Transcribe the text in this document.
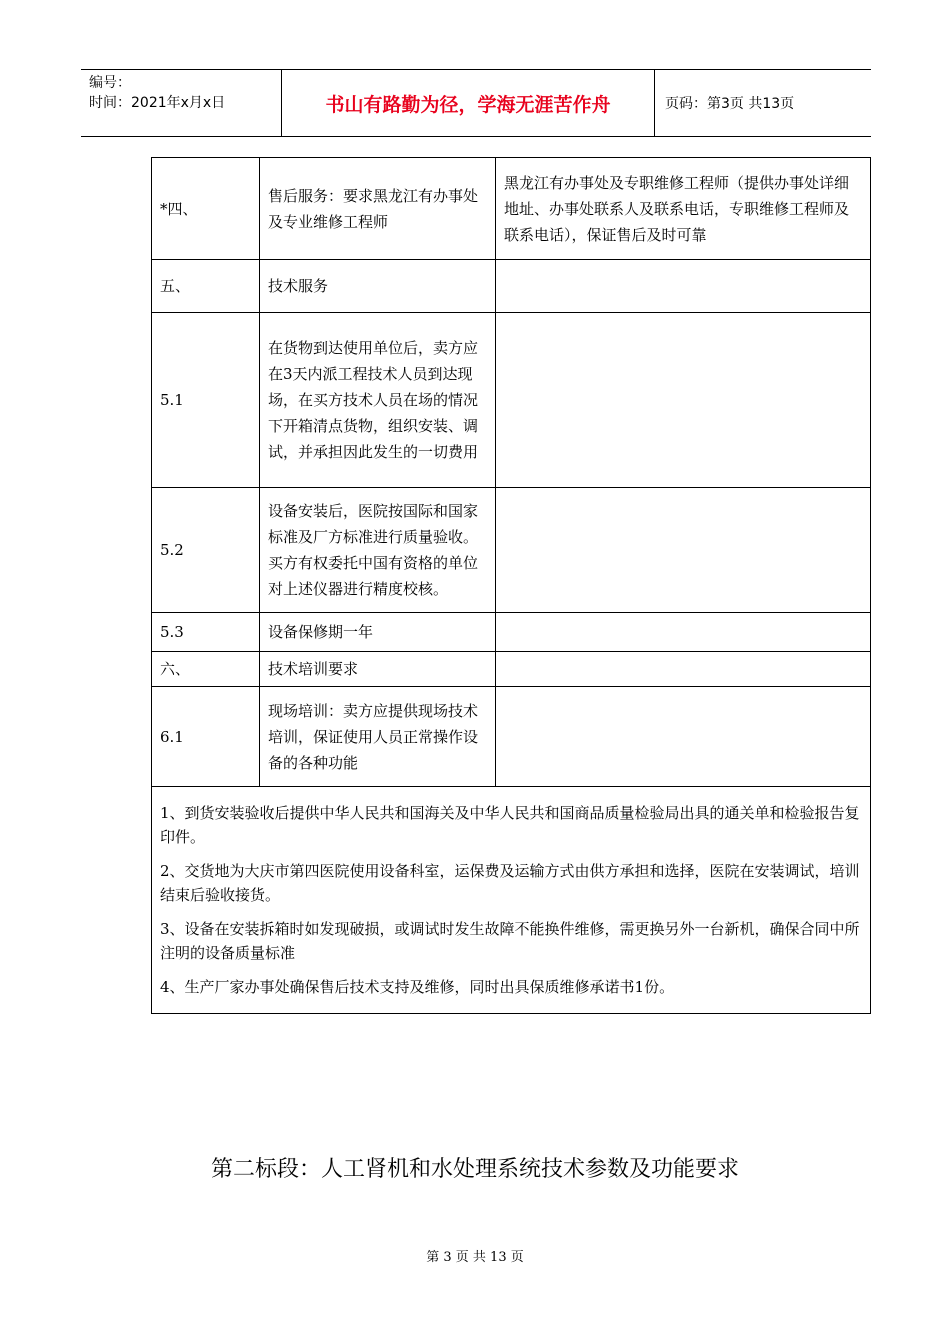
编号：
时间：2021年x月x日	书山有路勤为径，学海无涯苦作舟	页码：第3页 共13页
*四、	售后服务：要求黑龙江有办事处及专业维修工程师	黑龙江有办事处及专职维修工程师（提供办事处详细地址、办事处联系人及联系电话，专职维修工程师及联系电话），保证售后及时可靠
五、	技术服务	
5.1	在货物到达使用单位后，卖方应在3天内派工程技术人员到达现场，在买方技术人员在场的情况下开箱清点货物，组织安装、调试，并承担因此发生的一切费用	
5.2	设备安装后，医院按国际和国家标准及厂方标准进行质量验收。买方有权委托中国有资格的单位对上述仪器进行精度校核。	
5.3	设备保修期一年	
六、	技术培训要求	
6.1	现场培训：卖方应提供现场技术培训，保证使用人员正常操作设备的各种功能	

1、到货安装验收后提供中华人民共和国海关及中华人民共和国商品质量检验局出具的通关单和检验报告复印件。

2、交货地为大庆市第四医院使用设备科室，运保费及运输方式由供方承担和选择，医院在安装调试，培训结束后验收接货。

3、设备在安装拆箱时如发现破损，或调试时发生故障不能换件维修，需更换另外一台新机，确保合同中所注明的设备质量标准

4、生产厂家办事处确保售后技术支持及维修，同时出具保质维修承诺书1份。		

第二标段：人工肾机和水处理系统技术参数及功能要求
第 3 页 共 13 页
